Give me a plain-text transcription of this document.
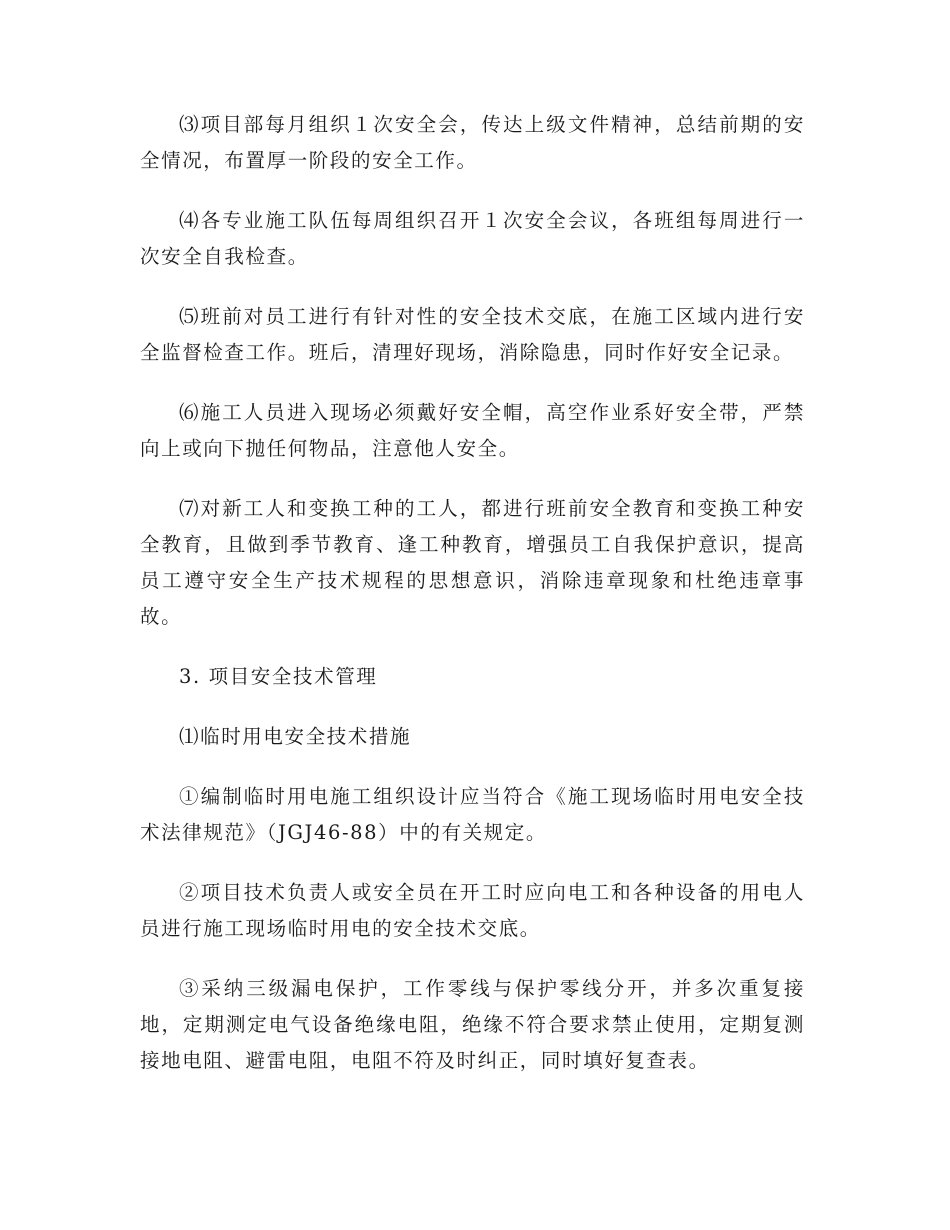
⑶项目部每月组织１次安全会，传达上级文件精神，总结前期的安全情况，布置厚一阶段的安全工作。

⑷各专业施工队伍每周组织召开１次安全会议，各班组每周进行一次安全自我检查。

⑸班前对员工进行有针对性的安全技术交底，在施工区域内进行安全监督检查工作。班后，清理好现场，消除隐患，同时作好安全记录。

⑹施工人员进入现场必须戴好安全帽，高空作业系好安全带，严禁向上或向下抛任何物品，注意他人安全。

⑺对新工人和变换工种的工人，都进行班前安全教育和变换工种安全教育，且做到季节教育、逢工种教育，增强员工自我保护意识，提高员工遵守安全生产技术规程的思想意识，消除违章现象和杜绝违章事故。

3. 项目安全技术管理

⑴临时用电安全技术措施

①编制临时用电施工组织设计应当符合《施工现场临时用电安全技术法律规范》（JGJ46-88）中的有关规定。

②项目技术负责人或安全员在开工时应向电工和各种设备的用电人员进行施工现场临时用电的安全技术交底。

③采纳三级漏电保护，工作零线与保护零线分开，并多次重复接地，定期测定电气设备绝缘电阻，绝缘不符合要求禁止使用，定期复测接地电阻、避雷电阻，电阻不符及时纠正，同时填好复查表。
